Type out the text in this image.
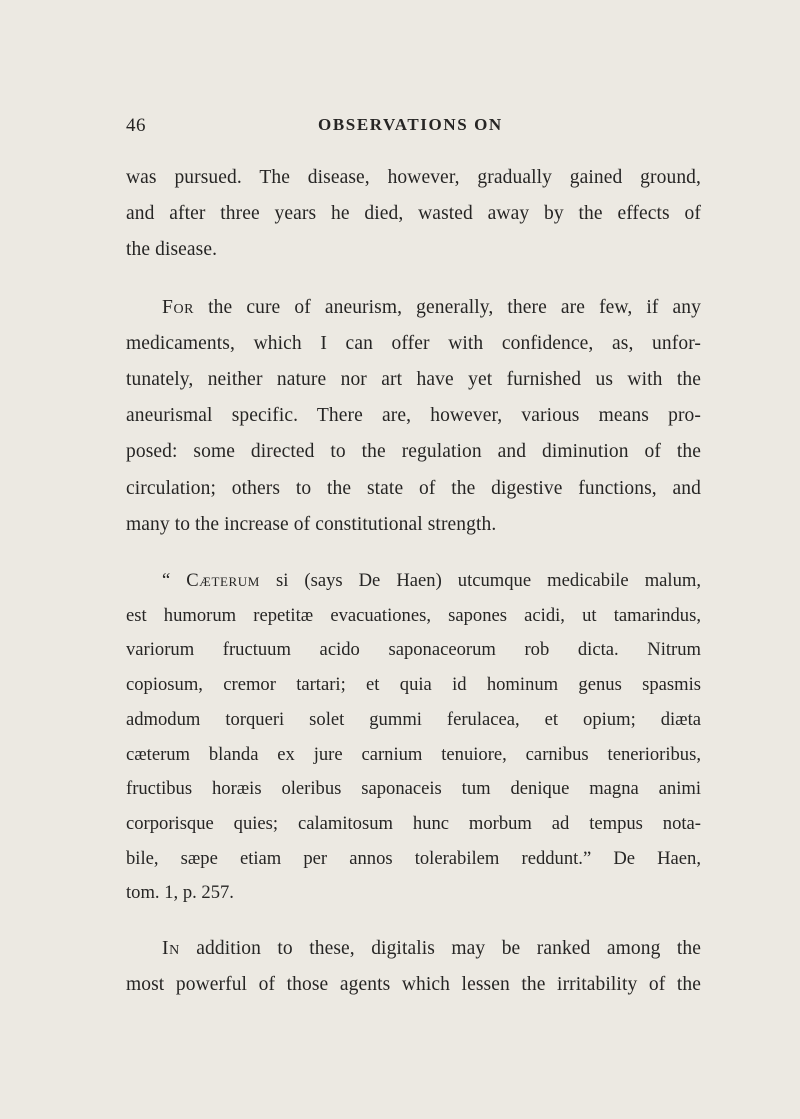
46	OBSERVATIONS ON

was pursued. The disease, however, gradually gained ground,
and after three years he died, wasted away by the effects of
the disease.

For the cure of aneurism, generally, there are few, if any
medicaments, which I can offer with confidence, as, unfor-
tunately, neither nature nor art have yet furnished us with the
aneurismal specific. There are, however, various means pro-
posed: some directed to the regulation and diminution of the
circulation; others to the state of the digestive functions, and
many to the increase of constitutional strength.

“ Cæterum si (says De Haen) utcumque medicabile malum,
est humorum repetitæ evacuationes, sapones acidi, ut tamarindus,
variorum fructuum acido saponaceorum rob dicta. Nitrum
copiosum, cremor tartari; et quia id hominum genus spasmis
admodum torqueri solet gummi ferulacea, et opium; diæta
cæterum blanda ex jure carnium tenuiore, carnibus tenerioribus,
fructibus horæis oleribus saponaceis tum denique magna animi
corporisque quies; calamitosum hunc morbum ad tempus nota-
bile, sæpe etiam per annos tolerabilem reddunt.” De Haen,
tom. 1, p. 257.

In addition to these, digitalis may be ranked among the
most powerful of those agents which lessen the irritability of the
